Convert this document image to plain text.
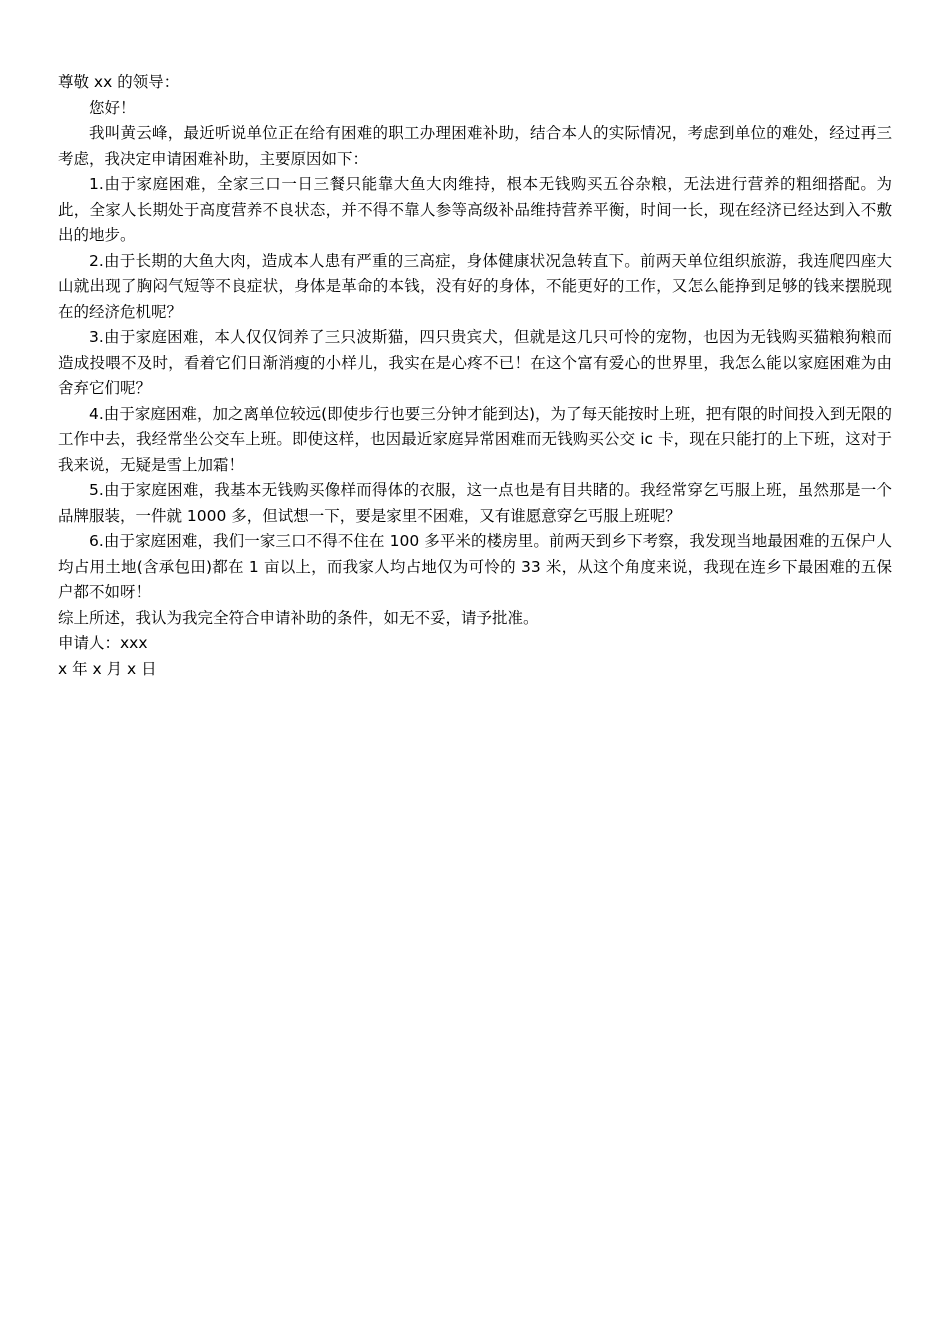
尊敬 xx 的领导：

您好！

我叫黄云峰，最近听说单位正在给有困难的职工办理困难补助，结合本人的实际情况，考虑到单位的难处，经过再三考虑，我决定申请困难补助，主要原因如下：

1.由于家庭困难，全家三口一日三餐只能靠大鱼大肉维持，根本无钱购买五谷杂粮，无法进行营养的粗细搭配。为此，全家人长期处于高度营养不良状态，并不得不靠人参等高级补品维持营养平衡，时间一长，现在经济已经达到入不敷出的地步。

2.由于长期的大鱼大肉，造成本人患有严重的三高症，身体健康状况急转直下。前两天单位组织旅游，我连爬四座大山就出现了胸闷气短等不良症状，身体是革命的本钱，没有好的身体，不能更好的工作，又怎么能挣到足够的钱来摆脱现在的经济危机呢？

3.由于家庭困难，本人仅仅饲养了三只波斯猫，四只贵宾犬，但就是这几只可怜的宠物，也因为无钱购买猫粮狗粮而造成投喂不及时，看着它们日渐消瘦的小样儿，我实在是心疼不已！在这个富有爱心的世界里，我怎么能以家庭困难为由舍弃它们呢？

4.由于家庭困难，加之离单位较远(即使步行也要三分钟才能到达)，为了每天能按时上班，把有限的时间投入到无限的工作中去，我经常坐公交车上班。即使这样，也因最近家庭异常困难而无钱购买公交 ic 卡，现在只能打的上下班，这对于我来说，无疑是雪上加霜！

5.由于家庭困难，我基本无钱购买像样而得体的衣服，这一点也是有目共睹的。我经常穿乞丐服上班，虽然那是一个品牌服装，一件就 1000 多，但试想一下，要是家里不困难，又有谁愿意穿乞丐服上班呢？

6.由于家庭困难，我们一家三口不得不住在 100 多平米的楼房里。前两天到乡下考察，我发现当地最困难的五保户人均占用土地(含承包田)都在 1 亩以上，而我家人均占地仅为可怜的 33 米，从这个角度来说，我现在连乡下最困难的五保户都不如呀！

综上所述，我认为我完全符合申请补助的条件，如无不妥，请予批准。

申请人：xxx

x 年 x 月 x 日
